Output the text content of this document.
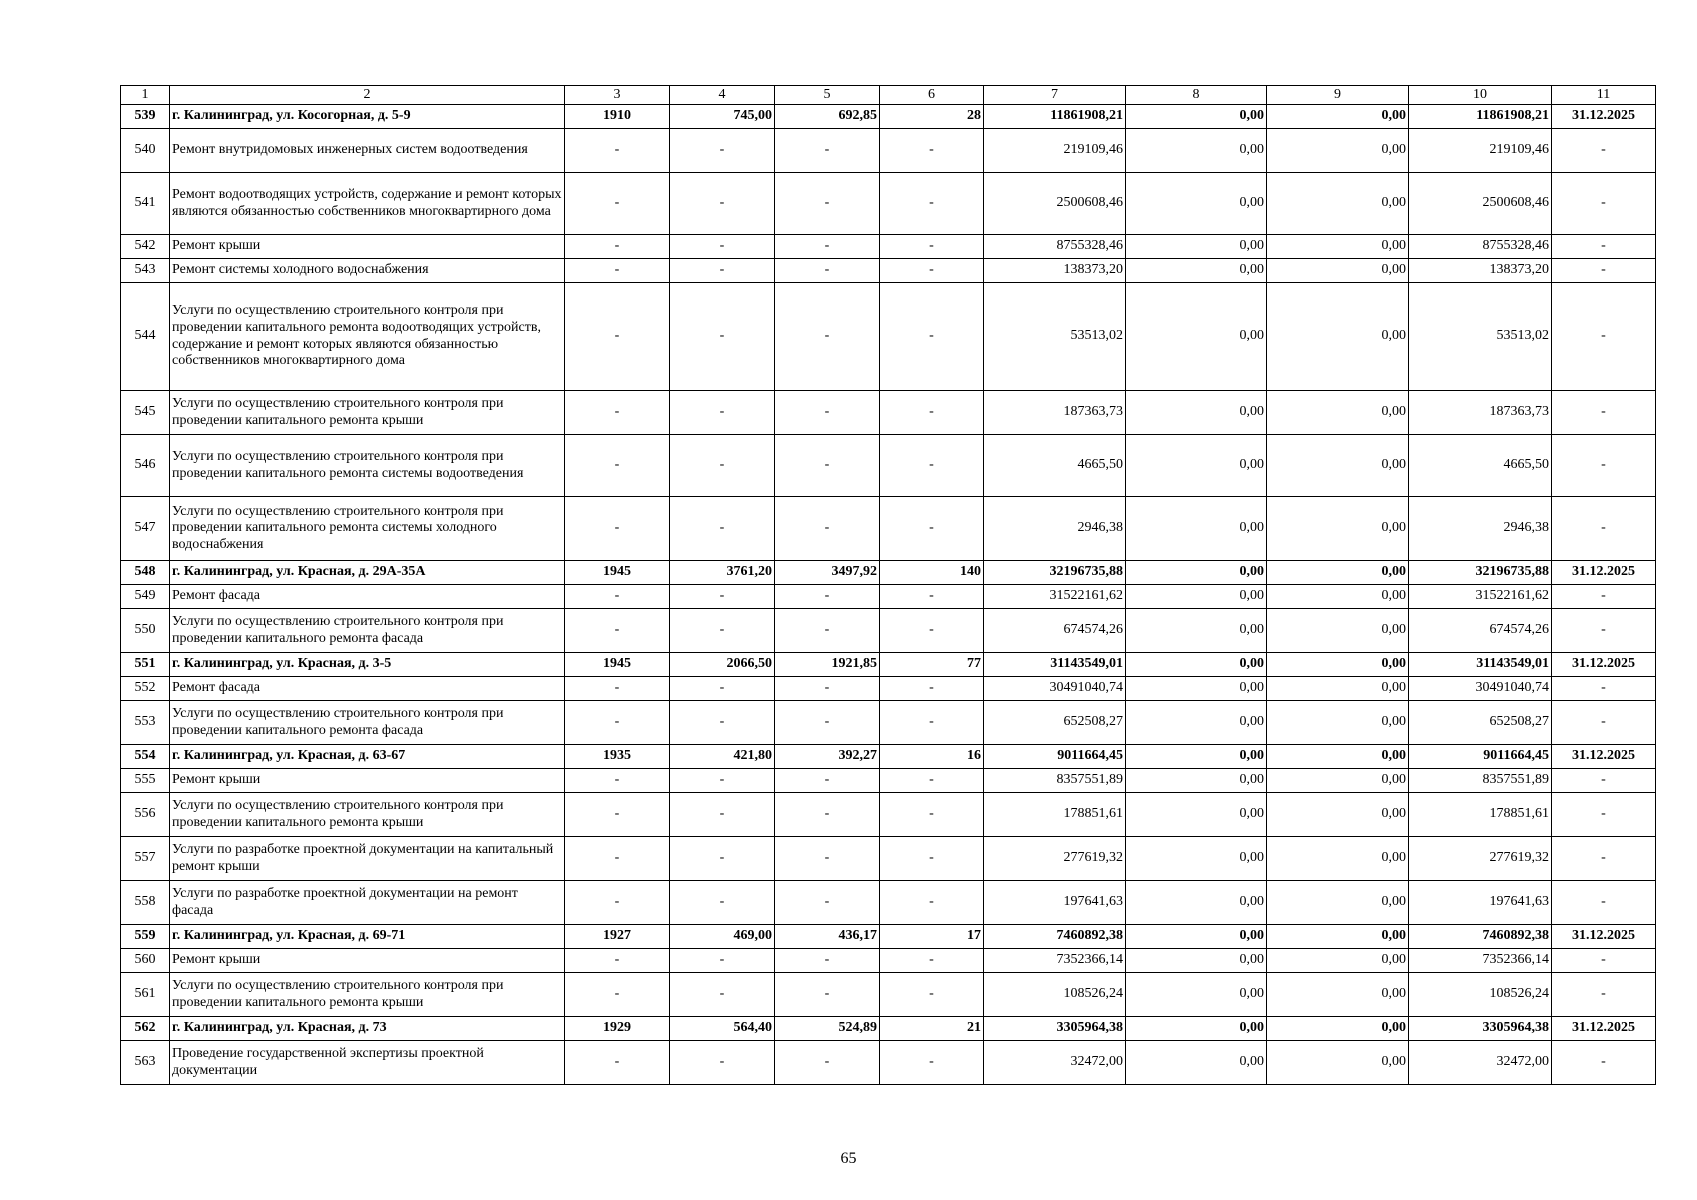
1	2	3	4	5	6	7	8	9	10	11
539	г. Калининград, ул. Косогорная, д. 5-9	1910	745,00	692,85	28	11861908,21	0,00	0,00	11861908,21	31.12.2025
540	Ремонт внутридомовых инженерных систем водоотведения	-	-	-	-	219109,46	0,00	0,00	219109,46	-
541	Ремонт водоотводящих устройств, содержание и ремонт которых являются обязанностью собственников многоквартирного дома	-	-	-	-	2500608,46	0,00	0,00	2500608,46	-
542	Ремонт крыши	-	-	-	-	8755328,46	0,00	0,00	8755328,46	-
543	Ремонт системы холодного водоснабжения	-	-	-	-	138373,20	0,00	0,00	138373,20	-
544	Услуги по осуществлению строительного контроля при проведении капитального ремонта водоотводящих устройств, содержание и ремонт которых являются обязанностью собственников многоквартирного дома	-	-	-	-	53513,02	0,00	0,00	53513,02	-
545	Услуги по осуществлению строительного контроля при проведении капитального ремонта крыши	-	-	-	-	187363,73	0,00	0,00	187363,73	-
546	Услуги по осуществлению строительного контроля при проведении капитального ремонта системы водоотведения	-	-	-	-	4665,50	0,00	0,00	4665,50	-
547	Услуги по осуществлению строительного контроля при проведении капитального ремонта системы холодного водоснабжения	-	-	-	-	2946,38	0,00	0,00	2946,38	-
548	г. Калининград, ул. Красная, д. 29А-35А	1945	3761,20	3497,92	140	32196735,88	0,00	0,00	32196735,88	31.12.2025
549	Ремонт фасада	-	-	-	-	31522161,62	0,00	0,00	31522161,62	-
550	Услуги по осуществлению строительного контроля при проведении капитального ремонта фасада	-	-	-	-	674574,26	0,00	0,00	674574,26	-
551	г. Калининград, ул. Красная, д. 3-5	1945	2066,50	1921,85	77	31143549,01	0,00	0,00	31143549,01	31.12.2025
552	Ремонт фасада	-	-	-	-	30491040,74	0,00	0,00	30491040,74	-
553	Услуги по осуществлению строительного контроля при проведении капитального ремонта фасада	-	-	-	-	652508,27	0,00	0,00	652508,27	-
554	г. Калининград, ул. Красная, д. 63-67	1935	421,80	392,27	16	9011664,45	0,00	0,00	9011664,45	31.12.2025
555	Ремонт крыши	-	-	-	-	8357551,89	0,00	0,00	8357551,89	-
556	Услуги по осуществлению строительного контроля при проведении капитального ремонта крыши	-	-	-	-	178851,61	0,00	0,00	178851,61	-
557	Услуги по разработке проектной документации на капитальный ремонт крыши	-	-	-	-	277619,32	0,00	0,00	277619,32	-
558	Услуги по разработке проектной документации на ремонт фасада	-	-	-	-	197641,63	0,00	0,00	197641,63	-
559	г. Калининград, ул. Красная, д. 69-71	1927	469,00	436,17	17	7460892,38	0,00	0,00	7460892,38	31.12.2025
560	Ремонт крыши	-	-	-	-	7352366,14	0,00	0,00	7352366,14	-
561	Услуги по осуществлению строительного контроля при проведении капитального ремонта крыши	-	-	-	-	108526,24	0,00	0,00	108526,24	-
562	г. Калининград, ул. Красная, д. 73	1929	564,40	524,89	21	3305964,38	0,00	0,00	3305964,38	31.12.2025
563	Проведение государственной экспертизы проектной документации	-	-	-	-	32472,00	0,00	0,00	32472,00	-
65
